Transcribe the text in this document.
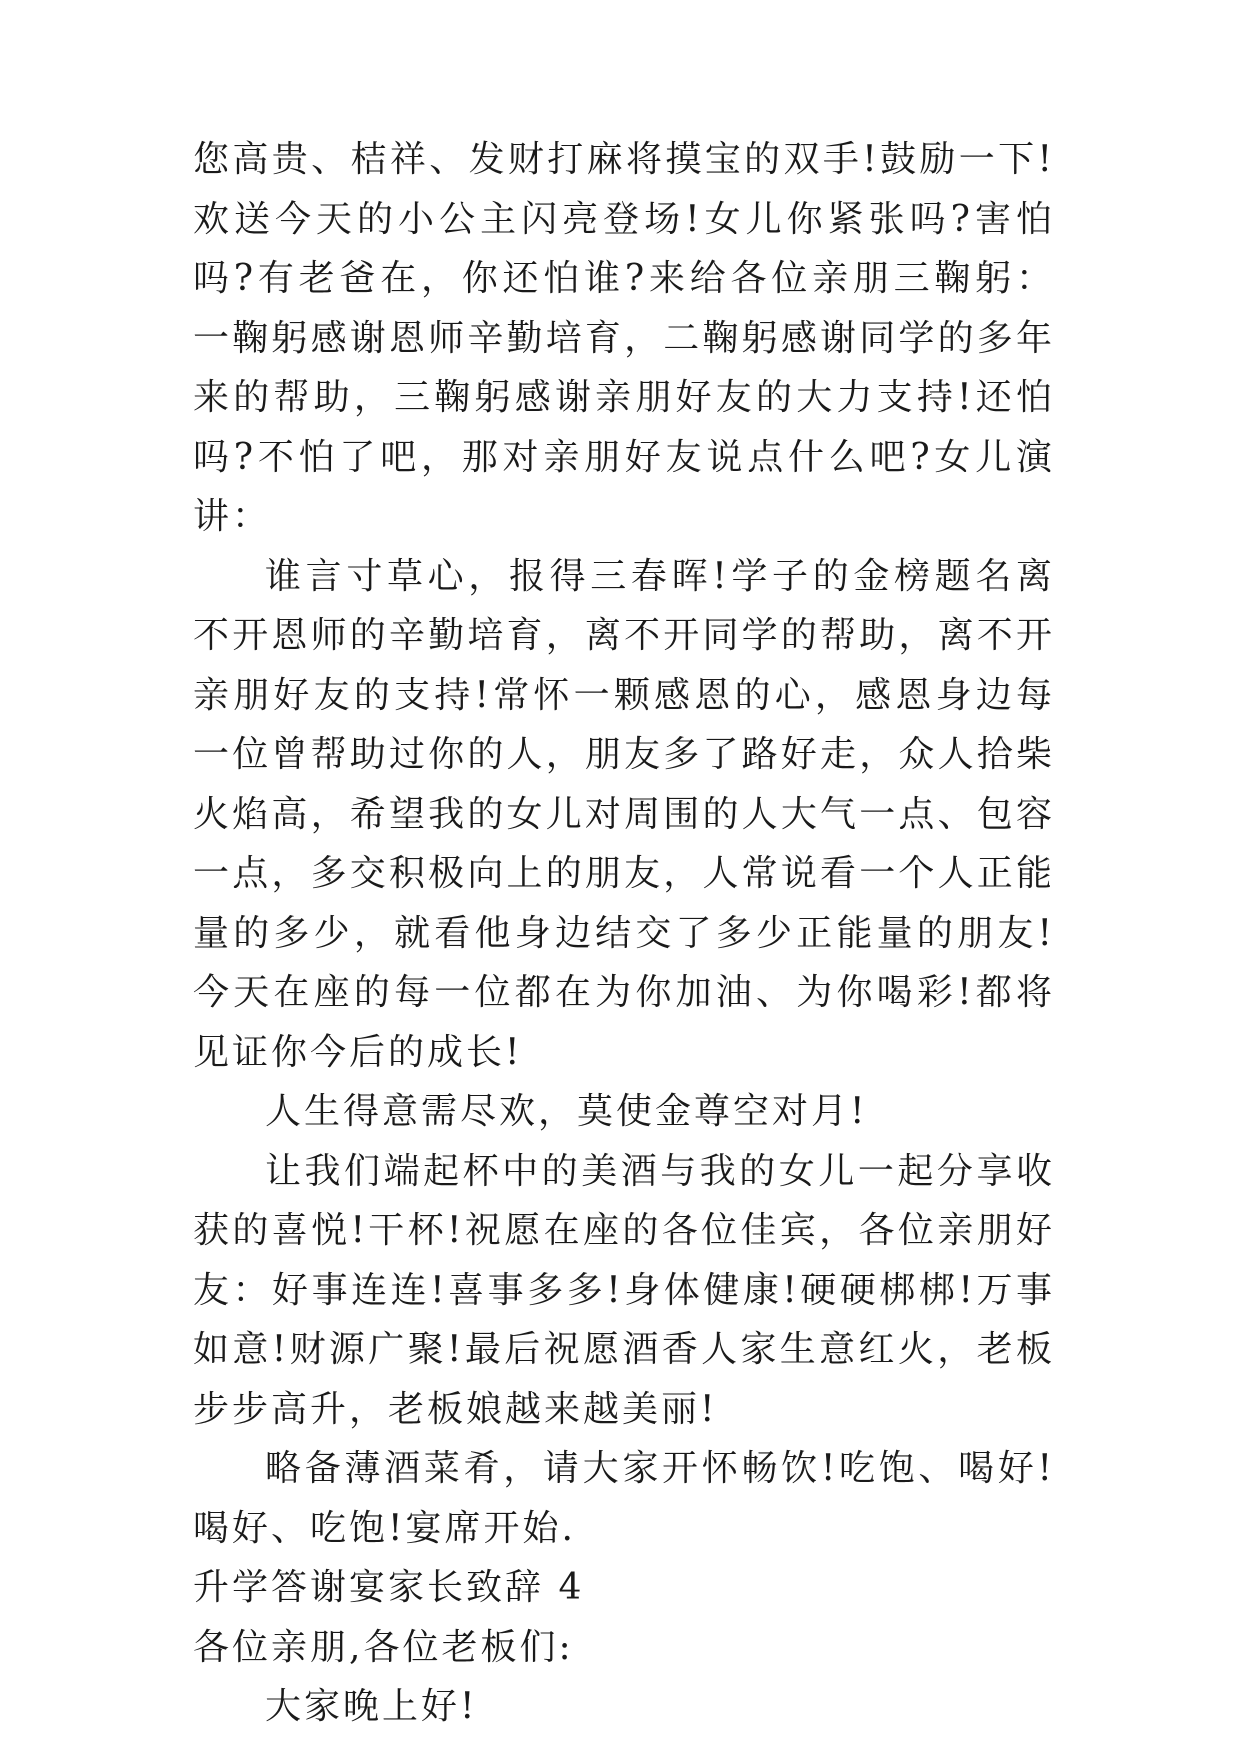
您高贵、桔祥、发财打麻将摸宝的双手!鼓励一下!欢送今天的小公主闪亮登场!女儿你紧张吗?害怕吗?有老爸在，你还怕谁?来给各位亲朋三鞠躬：一鞠躬感谢恩师辛勤培育，二鞠躬感谢同学的多年来的帮助，三鞠躬感谢亲朋好友的大力支持!还怕吗?不怕了吧，那对亲朋好友说点什么吧?女儿演讲：

谁言寸草心，报得三春晖!学子的金榜题名离不开恩师的辛勤培育，离不开同学的帮助，离不开亲朋好友的支持!常怀一颗感恩的心，感恩身边每一位曾帮助过你的人，朋友多了路好走，众人拾柴火焰高，希望我的女儿对周围的人大气一点、包容一点，多交积极向上的朋友，人常说看一个人正能量的多少，就看他身边结交了多少正能量的朋友!今天在座的每一位都在为你加油、为你喝彩!都将见证你今后的成长!

人生得意需尽欢，莫使金尊空对月!

让我们端起杯中的美酒与我的女儿一起分享收获的喜悦!干杯!祝愿在座的各位佳宾，各位亲朋好友：好事连连!喜事多多!身体健康!硬硬梆梆!万事如意!财源广聚!最后祝愿酒香人家生意红火，老板步步高升，老板娘越来越美丽!

略备薄酒菜肴，请大家开怀畅饮!吃饱、喝好!喝好、吃饱!宴席开始.

升学答谢宴家长致辞 4

各位亲朋,各位老板们:

大家晚上好!
